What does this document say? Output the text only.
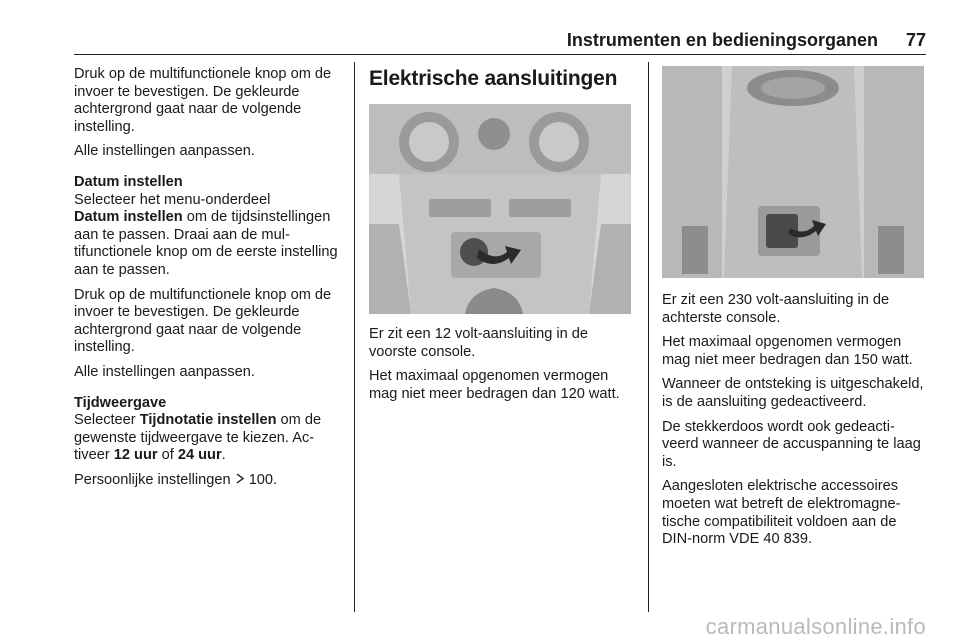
Instrumenten en bedieningsorganen 77

Druk op de multifunctionele knop om de invoer te bevestigen. De gekleurde achtergrond gaat naar de volgende instelling.

Alle instellingen aanpassen.

Datum instellen
Selecteer het menu-onderdeel
Datum instellen om de tijdsinstellingen aan te passen. Draai aan de multifunctionele knop om de eerste instelling aan te passen.

Druk op de multifunctionele knop om de invoer te bevestigen. De gekleurde achtergrond gaat naar de volgende instelling.

Alle instellingen aanpassen.

Tijdweergave
Selecteer Tijdnotatie instellen om de gewenste tijdweergave te kiezen. Activeer 12 uur of 24 uur.

Persoonlijke instellingen  100.

Elektrische aansluitingen

Er zit een 12 volt-aansluiting in de voorste console.

Het maximaal opgenomen vermogen mag niet meer bedragen dan 120 watt.

Er zit een 230 volt-aansluiting in de achterste console.

Het maximaal opgenomen vermogen mag niet meer bedragen dan 150 watt.

Wanneer de ontsteking is uitgeschakeld, is de aansluiting gedeactiveerd.

De stekkerdoos wordt ook gedeactiveerd wanneer de accuspanning te laag is.

Aangesloten elektrische accessoires moeten wat betreft de elektromagnetische compatibiliteit voldoen aan de DIN-norm VDE 40 839.

carmanualsonline.info
